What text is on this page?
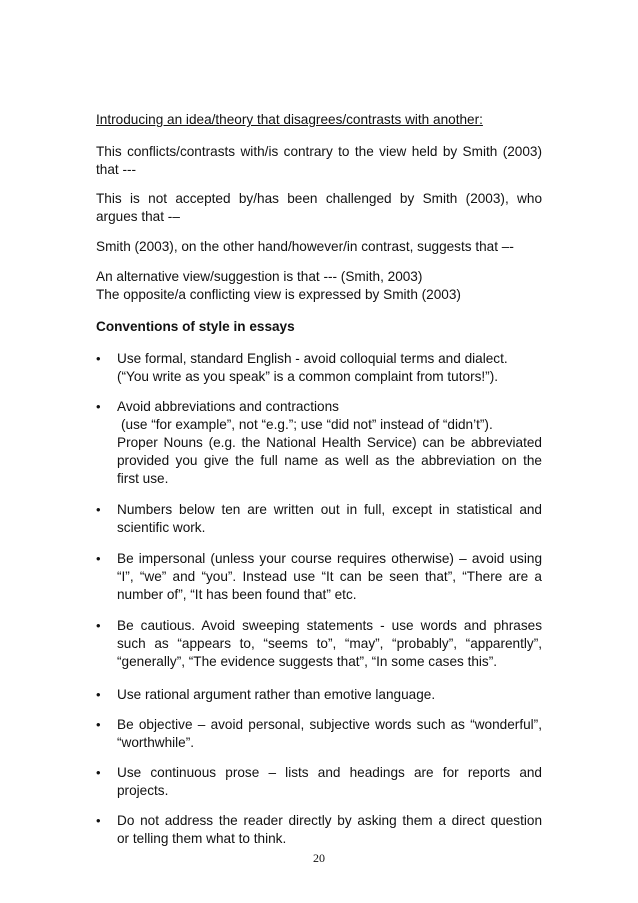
Introducing an idea/theory that disagrees/contrasts with another:
This conflicts/contrasts with/is contrary to the view held by Smith (2003)
that ---
This is not accepted by/has been challenged by Smith (2003), who
argues that -–
Smith (2003), on the other hand/however/in contrast, suggests that –-
An alternative view/suggestion is that --- (Smith, 2003)
The opposite/a conflicting view is expressed by Smith (2003)
Conventions of style in essays
•	Use formal, standard English - avoid colloquial terms and dialect.
(“You write as you speak” is a common complaint from tutors!”).
•	Avoid abbreviations and contractions
(use “for example”, not “e.g.”; use “did not” instead of “didn’t”).
Proper Nouns (e.g. the National Health Service) can be abbreviated
provided you give the full name as well as the abbreviation on the
first use.
•	Numbers below ten are written out in full, except in statistical and
scientific work.
•	Be impersonal (unless your course requires otherwise) – avoid using
“I”, “we” and “you”. Instead use “It can be seen that”, “There are a
number of”, “It has been found that” etc.
•	Be cautious. Avoid sweeping statements - use words and phrases
such as “appears to, “seems to”, “may”, “probably”, “apparently”,
“generally”, “The evidence suggests that”, “In some cases this”.
•	Use rational argument rather than emotive language.
•	Be objective – avoid personal, subjective words such as “wonderful”,
“worthwhile”.
•	Use continuous prose – lists and headings are for reports and
projects.
•	Do not address the reader directly by asking them a direct question
or telling them what to think.
20
